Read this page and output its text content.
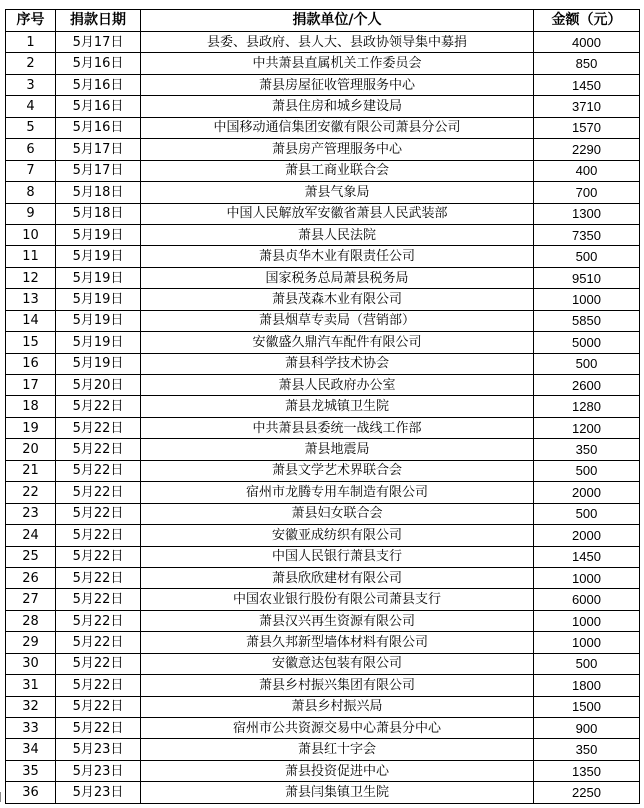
序号	捐款日期	捐款单位/个人	金额（元）
1	5月17日	县委、县政府、县人大、县政协领导集中募捐	4000
2	5月16日	中共萧县直属机关工作委员会	850
3	5月16日	萧县房屋征收管理服务中心	1450
4	5月16日	萧县住房和城乡建设局	3710
5	5月16日	中国移动通信集团安徽有限公司萧县分公司	1570
6	5月17日	萧县房产管理服务中心	2290
7	5月17日	萧县工商业联合会	400
8	5月18日	萧县气象局	700
9	5月18日	中国人民解放军安徽省萧县人民武装部	1300
10	5月19日	萧县人民法院	7350
11	5月19日	萧县贞华木业有限责任公司	500
12	5月19日	国家税务总局萧县税务局	9510
13	5月19日	萧县茂森木业有限公司	1000
14	5月19日	萧县烟草专卖局（营销部）	5850
15	5月19日	安徽盛久鼎汽车配件有限公司	5000
16	5月19日	萧县科学技术协会	500
17	5月20日	萧县人民政府办公室	2600
18	5月22日	萧县龙城镇卫生院	1280
19	5月22日	中共萧县县委统一战线工作部	1200
20	5月22日	萧县地震局	350
21	5月22日	萧县文学艺术界联合会	500
22	5月22日	宿州市龙腾专用车制造有限公司	2000
23	5月22日	萧县妇女联合会	500
24	5月22日	安徽亚成纺织有限公司	2000
25	5月22日	中国人民银行萧县支行	1450
26	5月22日	萧县欣欣建材有限公司	1000
27	5月22日	中国农业银行股份有限公司萧县支行	6000
28	5月22日	萧县汉兴再生资源有限公司	1000
29	5月22日	萧县久邦新型墙体材料有限公司	1000
30	5月22日	安徽意达包装有限公司	500
31	5月22日	萧县乡村振兴集团有限公司	1800
32	5月22日	萧县乡村振兴局	1500
33	5月22日	宿州市公共资源交易中心萧县分中心	900
34	5月23日	萧县红十字会	350
35	5月23日	萧县投资促进中心	1350
36	5月23日	萧县闫集镇卫生院	2250
